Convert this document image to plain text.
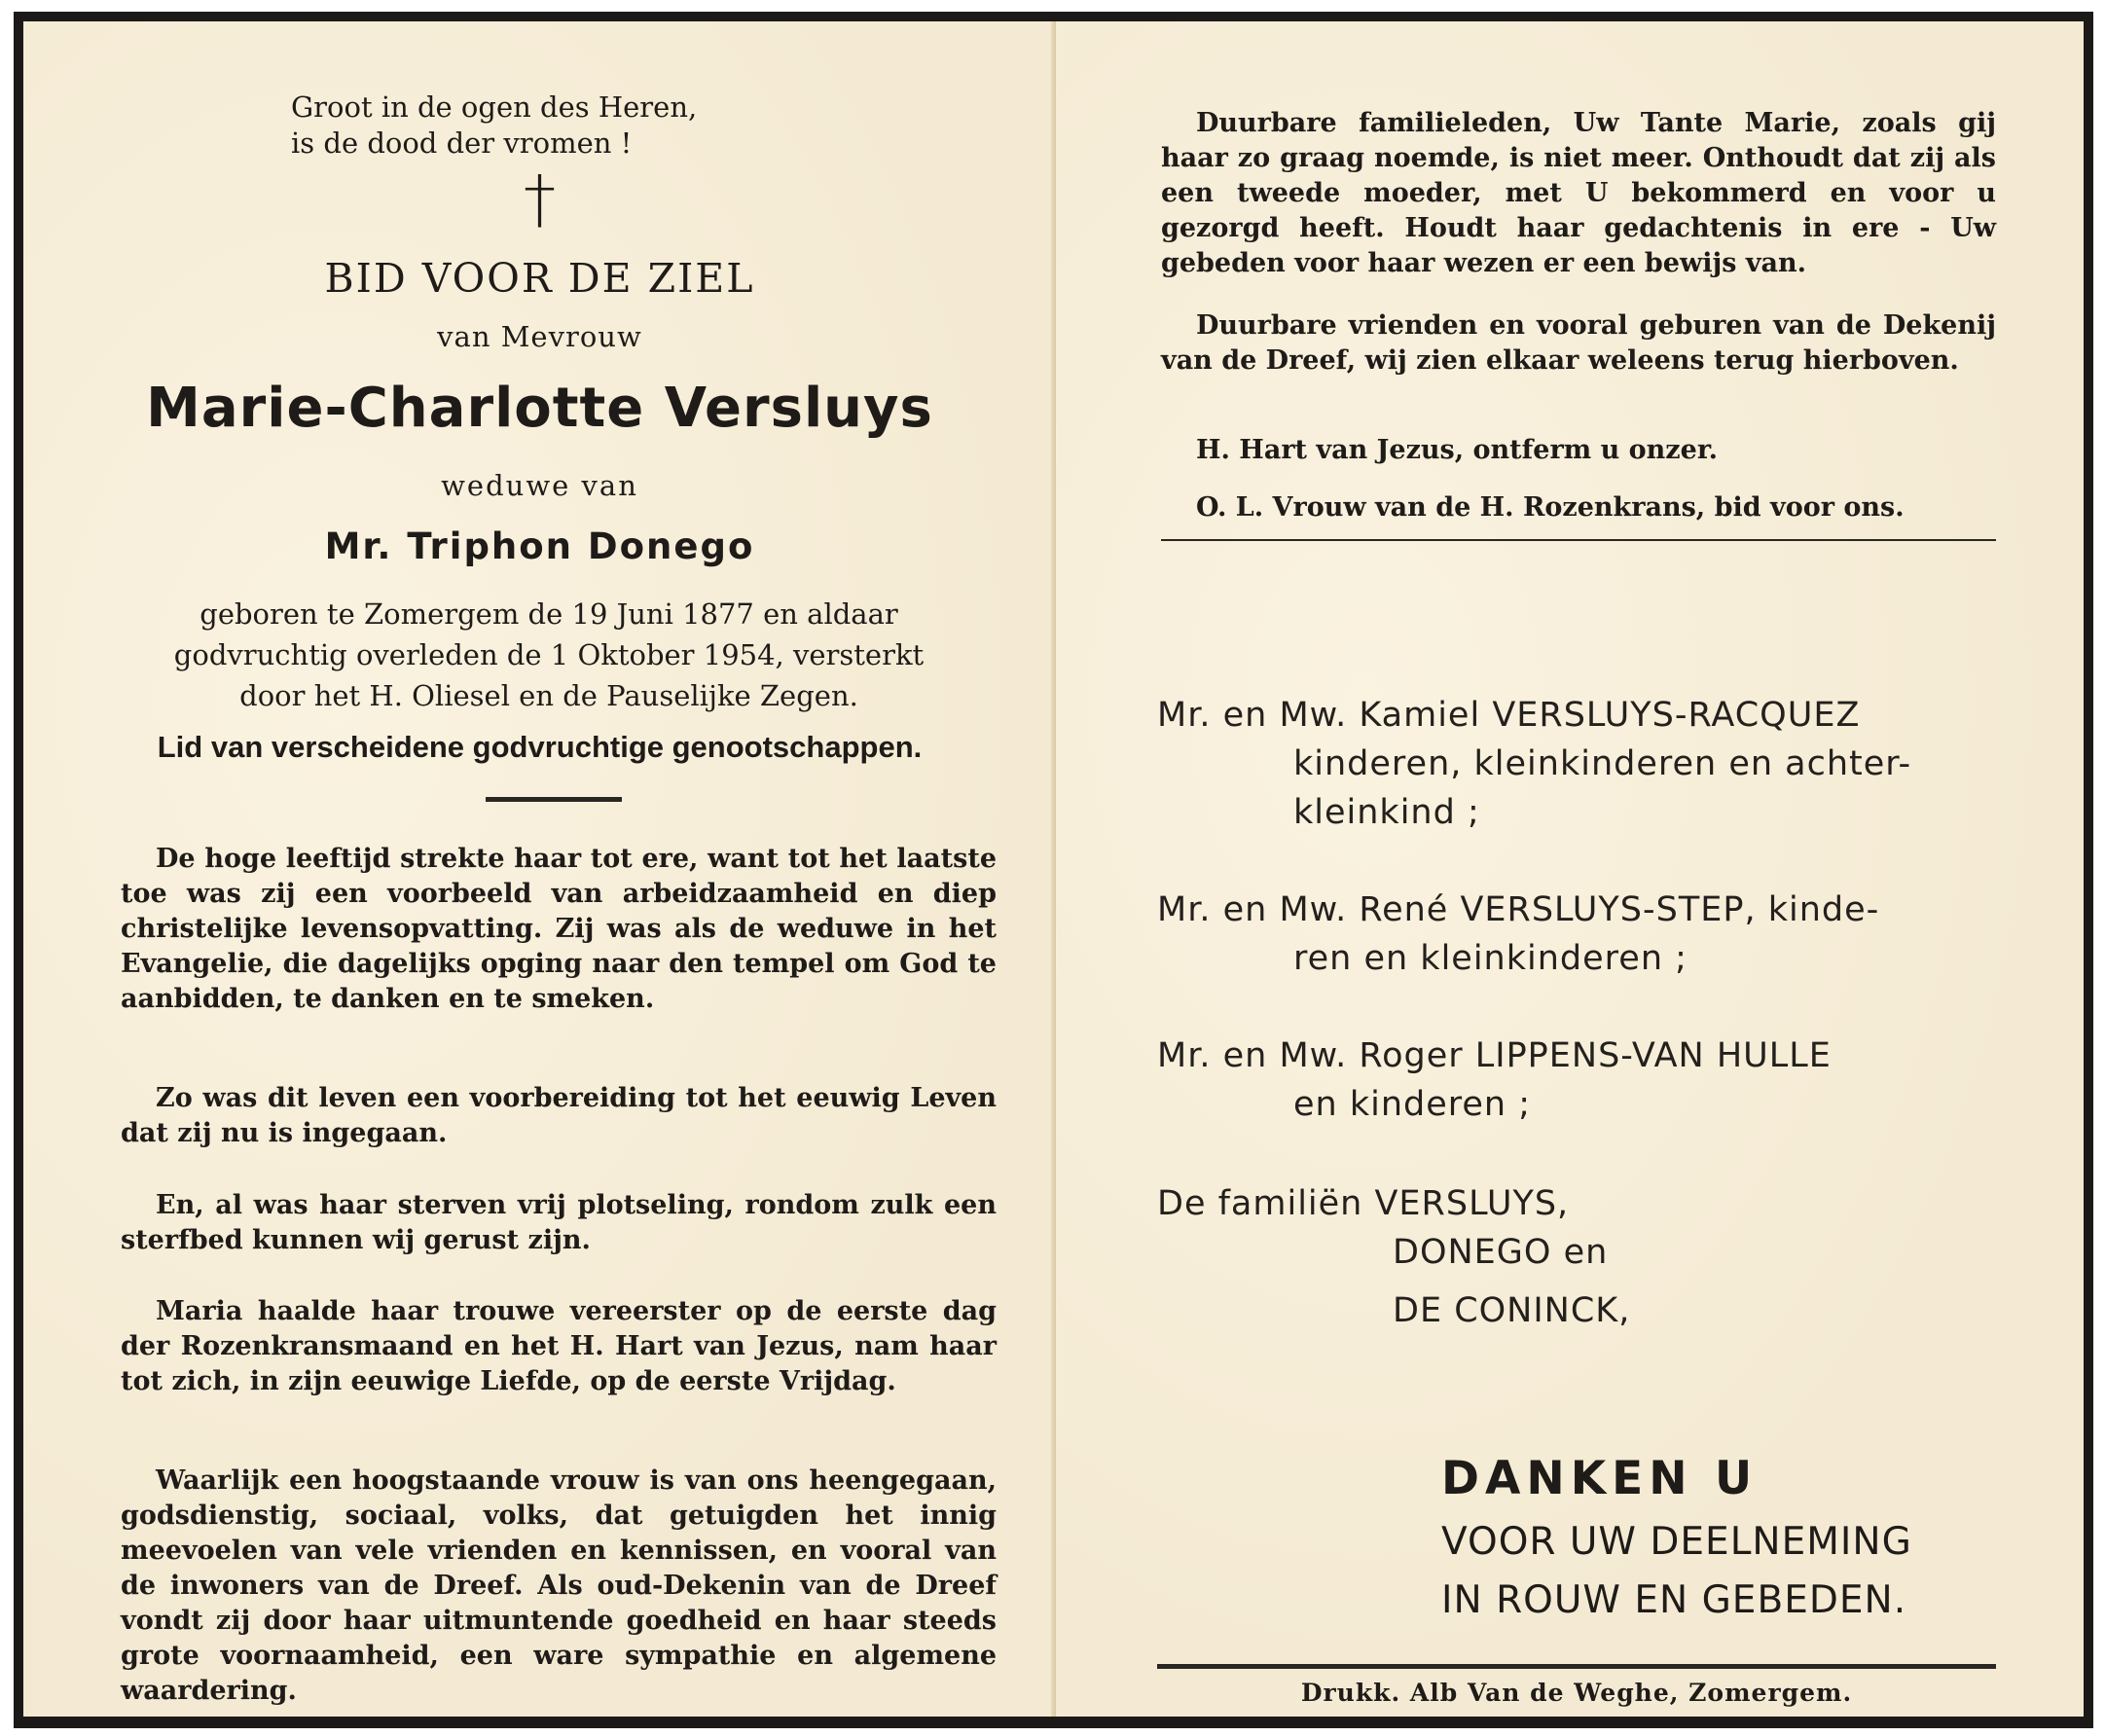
Groot in de ogen des Heren,
is de dood der vromen !
†
BID VOOR DE ZIEL
van Mevrouw
Marie-Charlotte Versluys
weduwe van
Mr. Triphon Donego
geboren te Zomergem de 19 Juni 1877 en aldaar
godvruchtig overleden de 1 Oktober 1954, versterkt
door het H. Oliesel en de Pauselijke Zegen.
Lid van verscheidene godvruchtige genootschappen.

De hoge leeftijd strekte haar tot ere, want tot het laatste toe was zij een voorbeeld van arbeidzaamheid en diep christelijke levensopvatting. Zij was als de weduwe in het Evangelie, die dagelijks opging naar den tempel om God te aanbidden, te danken en te smeken.

Zo was dit leven een voorbereiding tot het eeuwig Leven dat zij nu is ingegaan.

En, al was haar sterven vrij plotseling, rondom zulk een sterfbed kunnen wij gerust zijn.

Maria haalde haar trouwe vereerster op de eerste dag der Rozenkransmaand en het H. Hart van Jezus, nam haar tot zich, in zijn eeuwige Liefde, op de eerste Vrijdag.

Waarlijk een hoogstaande vrouw is van ons heengegaan, godsdienstig, sociaal, volks, dat getuigden het innig meevoelen van vele vrienden en kennissen, en vooral van de inwoners van de Dreef. Als oud-Dekenin van de Dreef vondt zij door haar uitmuntende goedheid en haar steeds grote voornaamheid, een ware sympathie en algemene waardering.

Duurbare familieleden, Uw Tante Marie, zoals gij haar zo graag noemde, is niet meer. Onthoudt dat zij als een tweede moeder, met U bekommerd en voor u gezorgd heeft. Houdt haar gedachtenis in ere - Uw gebeden voor haar wezen er een bewijs van.

Duurbare vrienden en vooral geburen van de Dekenij van de Dreef, wij zien elkaar weleens terug hierboven.

H. Hart van Jezus, ontferm u onzer.
O. L. Vrouw van de H. Rozenkrans, bid voor ons.
Mr. en Mw. Kamiel VERSLUYS-RACQUEZ
kinderen, kleinkinderen en achter-
kleinkind ;
Mr. en Mw. René VERSLUYS-STEP, kinde-
ren en kleinkinderen ;
Mr. en Mw. Roger LIPPENS-VAN HULLE
en kinderen ;
De familiën VERSLUYS,
DONEGO en
DE CONINCK,
DANKEN U
VOOR UW DEELNEMING
IN ROUW EN GEBEDEN.
Drukk. Alb Van de Weghe, Zomergem.
